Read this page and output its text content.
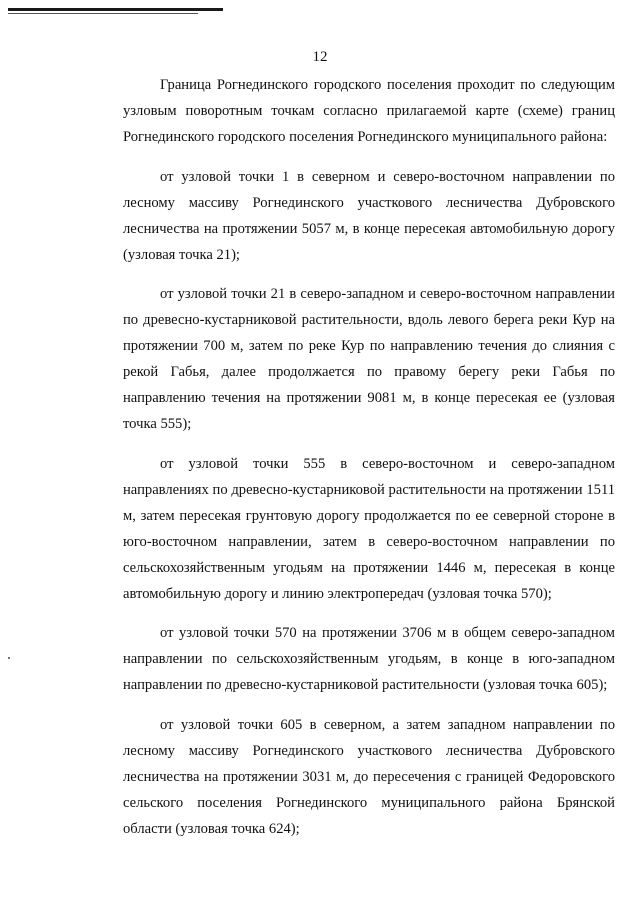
12

Граница Рогнединского городского поселения проходит по следующим узловым поворотным точкам согласно прилагаемой карте (схеме) границ Рогнединского городского поселения Рогнединского муниципального района:

от узловой точки 1 в северном и северо-восточном направлении по лесному массиву Рогнединского участкового лесничества Дубровского лесничества на протяжении 5057 м, в конце пересекая автомобильную дорогу (узловая точка 21);

от узловой точки 21 в северо-западном и северо-восточном направлении по древесно-кустарниковой растительности, вдоль левого берега реки Кур на протяжении 700 м, затем по реке Кур по направлению течения до слияния с рекой Габья, далее продолжается по правому берегу реки Габья по направлению течения на протяжении 9081 м, в конце пересекая ее (узловая точка 555);

от узловой точки 555 в северо-восточном и северо-западном направлениях по древесно-кустарниковой растительности на протяжении 1511 м, затем пересекая грунтовую дорогу продолжается по ее северной стороне в юго-восточном направлении, затем в северо-восточном направлении по сельскохозяйственным угодьям на протяжении 1446 м, пересекая в конце автомобильную дорогу и линию электропередач (узловая точка 570);

от узловой точки 570 на протяжении 3706 м в общем северо-западном направлении по сельскохозяйственным угодьям, в конце в юго-западном направлении по древесно-кустарниковой растительности (узловая точка 605);

от узловой точки 605 в северном, а затем западном направлении по лесному массиву Рогнединского участкового лесничества Дубровского лесничества на протяжении 3031 м, до пересечения с границей Федоровского сельского поселения Рогнединского муниципального района Брянской области (узловая точка 624);
